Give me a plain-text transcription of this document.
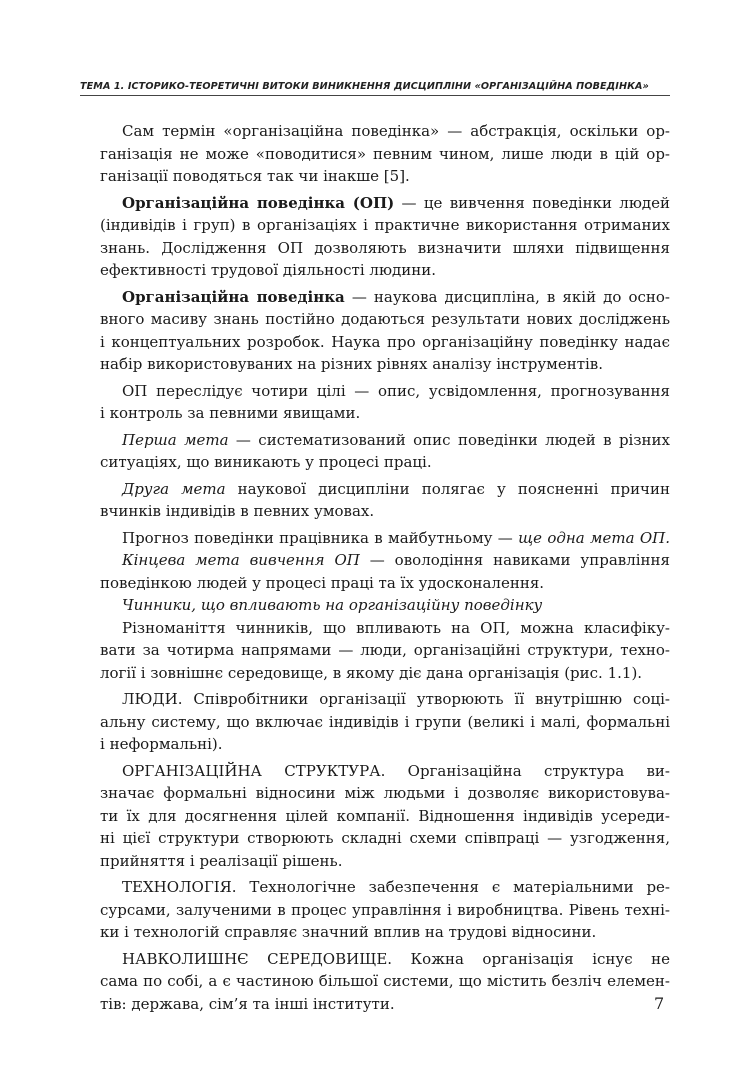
ТЕМА 1. ІСТОРИКО-ТЕОРЕТИЧНІ ВИТОКИ ВИНИКНЕННЯ ДИСЦИПЛІНИ «ОРГАНІЗАЦІЙНА ПОВЕДІНКА»
Сам термін «організаційна поведінка» — абстракція, оскільки ор-
ганізація не може «поводитися» певним чином, лише люди в цій ор-
ганізації поводяться так чи інакше [5].
Організаційна поведінка (ОП) — це вивчення поведінки людей
(індивідів і груп) в організаціях і практичне використання отриманих
знань. Дослідження ОП дозволяють визначити шляхи підвищення
ефективності трудової діяльності людини.
Організаційна поведінка — наукова дисципліна, в якій до осно-
вного масиву знань постійно додаються результати нових досліджень
і концептуальних розробок. Наука про організаційну поведінку надає
набір використовуваних на різних рівнях аналізу інструментів.
ОП переслідує чотири цілі — опис, усвідомлення, прогнозування
і контроль за певними явищами.
Перша мета — систематизований опис поведінки людей в різних
ситуаціях, що виникають у процесі праці.
Друга мета наукової дисципліни полягає у поясненні причин
вчинків індивідів в певних умовах.
Прогноз поведінки працівника в майбутньому — ще одна мета ОП.
Кінцева мета вивчення ОП — оволодіння навиками управління
поведінкою людей у процесі праці та їх удосконалення.
Чинники, що впливають на організаційну поведінку
Різноманіття чинників, що впливають на ОП, можна класифіку-
вати за чотирма напрямами — люди, організаційні структури, техно-
логії і зовнішнє середовище, в якому діє дана організація (рис. 1.1).
ЛЮДИ. Співробітники організації утворюють її внутрішню соці-
альну систему, що включає індивідів і групи (великі і малі, формальні
і неформальні).
ОРГАНІЗАЦІЙНА СТРУКТУРА. Організаційна структура ви-
значає формальні відносини між людьми і дозволяє використовува-
ти їх для досягнення цілей компанії. Відношення індивідів усереди-
ні цієї структури створюють складні схеми співпраці — узгодження,
прийняття і реалізації рішень.
ТЕХНОЛОГІЯ. Технологічне забезпечення є матеріальними ре-
сурсами, залученими в процес управління і виробництва. Рівень техні-
ки і технологій справляє значний вплив на трудові відносини.
НАВКОЛИШНЄ СЕРЕДОВИЩЕ. Кожна організація існує не
сама по собі, а є частиною більшої системи, що містить безліч елемен-
тів: держава, сім’я та інші інститути.	7
